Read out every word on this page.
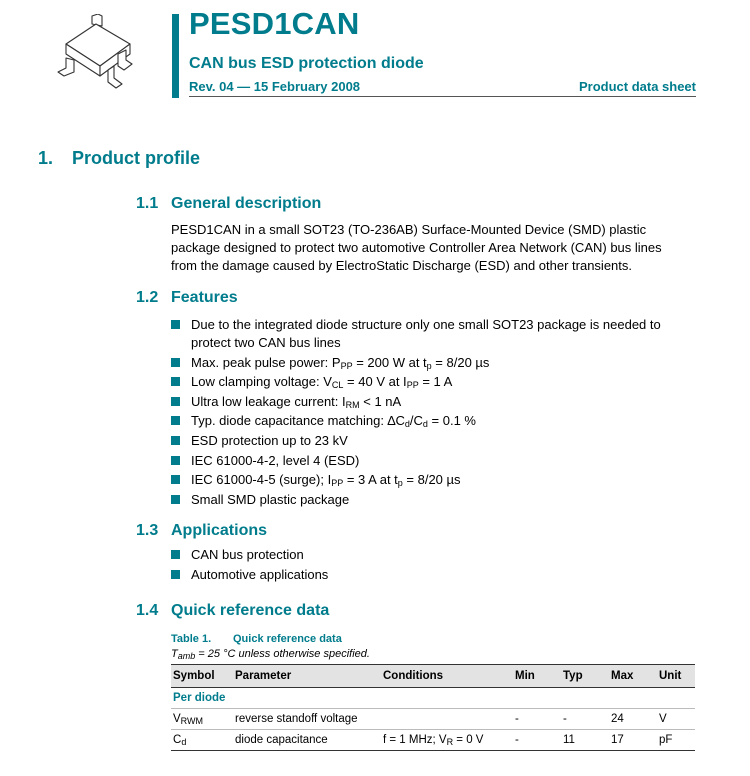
PESD1CAN
CAN bus ESD protection diode
Rev. 04 — 15 February 2008	Product data sheet
1. Product profile
1.1 General description
PESD1CAN in a small SOT23 (TO-236AB) Surface-Mounted Device (SMD) plastic package designed to protect two automotive Controller Area Network (CAN) bus lines from the damage caused by ElectroStatic Discharge (ESD) and other transients.
1.2 Features
Due to the integrated diode structure only one small SOT23 package is needed to protect two CAN bus lines
Max. peak pulse power: $P_{PP} = 200$ W at $t_p = 8/20$ µs
Low clamping voltage: $V_{CL} = 40$ V at $I_{PP} = 1$ A
Ultra low leakage current: $I_{RM} < 1$ nA
Typ. diode capacitance matching: $\Delta C_d/C_d = 0.1$ %
ESD protection up to 23 kV
IEC 61000-4-2, level 4 (ESD)
IEC 61000-4-5 (surge); $I_{PP} = 3$ A at $t_p = 8/20$ µs
Small SMD plastic package
1.3 Applications
CAN bus protection
Automotive applications
1.4 Quick reference data
Table 1. Quick reference data
$T_{amb} = 25$ °C unless otherwise specified.
Symbol	Parameter	Conditions	Min	Typ	Max	Unit
Per diode						
$V_{RWM}$	reverse standoff voltage		-	-	24	V
$C_d$	diode capacitance	f = 1 MHz; $V_R = 0$ V	-	11	17	pF
